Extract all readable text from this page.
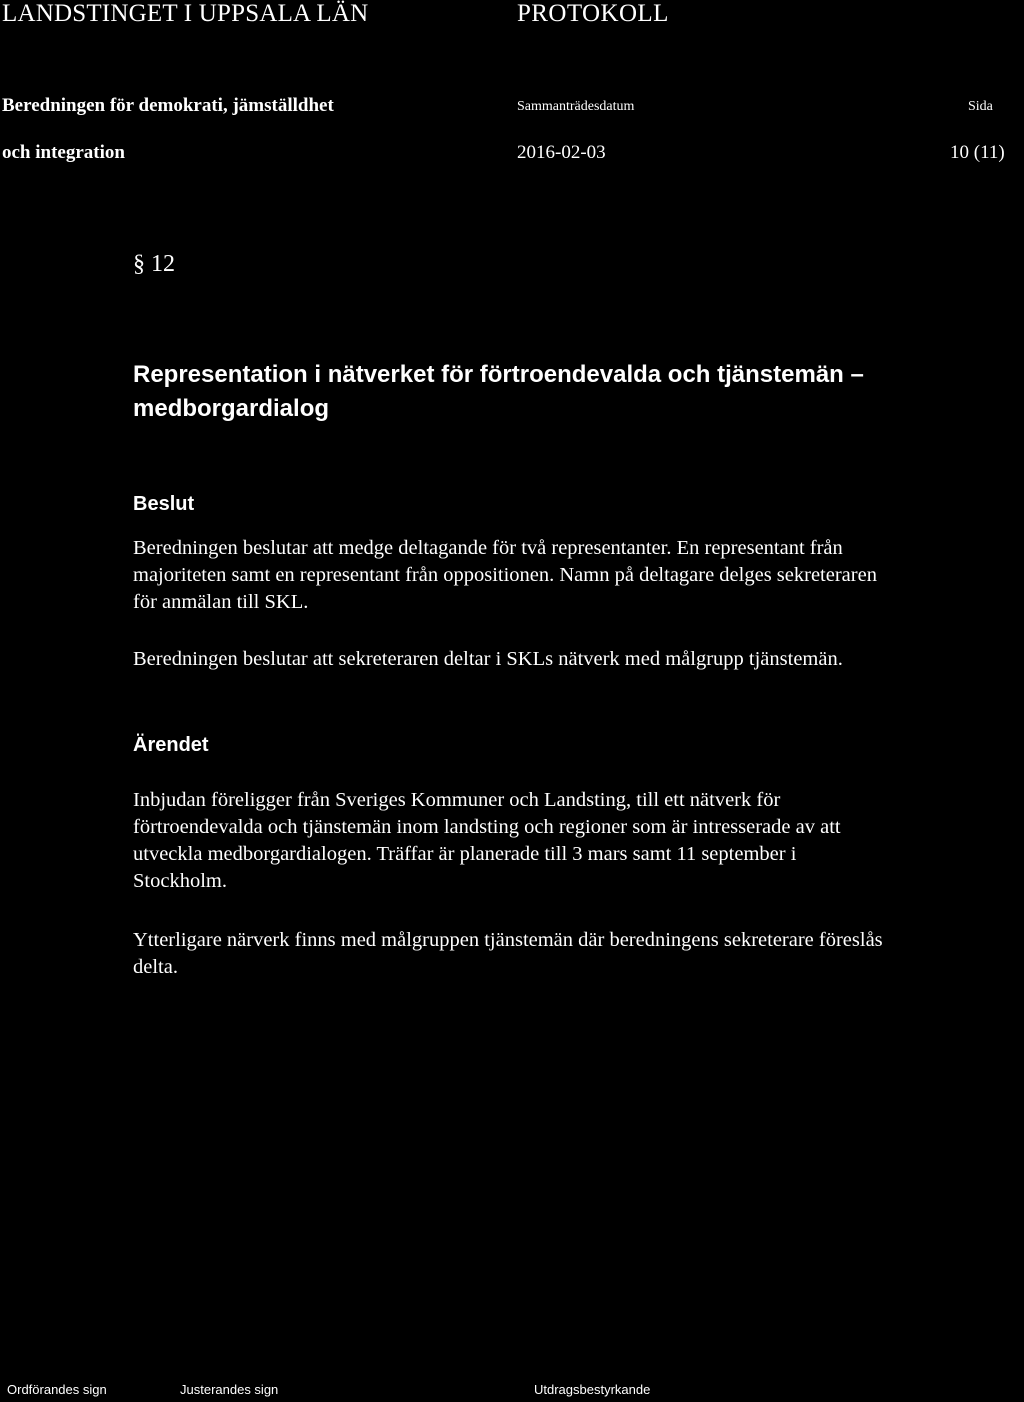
LANDSTINGET I UPPSALA LÄN	PROTOKOLL
Beredningen för demokrati, jämställdhet
och integration
Sammanträdesdatum	Sida
2016-02-03	10 (11)
§ 12
Representation i nätverket för förtroendevalda och tjänstemän –
medborgardialog
Beslut
Beredningen beslutar att medge deltagande för två representanter. En representant från
majoriteten samt en representant från oppositionen. Namn på deltagare delges sekreteraren
för anmälan till SKL.
Beredningen beslutar att sekreteraren deltar i SKLs nätverk med målgrupp tjänstemän.
Ärendet
Inbjudan föreligger från Sveriges Kommuner och Landsting, till ett nätverk för
förtroendevalda och tjänstemän inom landsting och regioner som är intresserade av att
utveckla medborgardialogen. Träffar är planerade till 3 mars samt 11 september i
Stockholm.
Ytterligare närverk finns med målgruppen tjänstemän där beredningens sekreterare föreslås
delta.
Ordförandes sign	Justerandes sign	Utdragsbestyrkande
